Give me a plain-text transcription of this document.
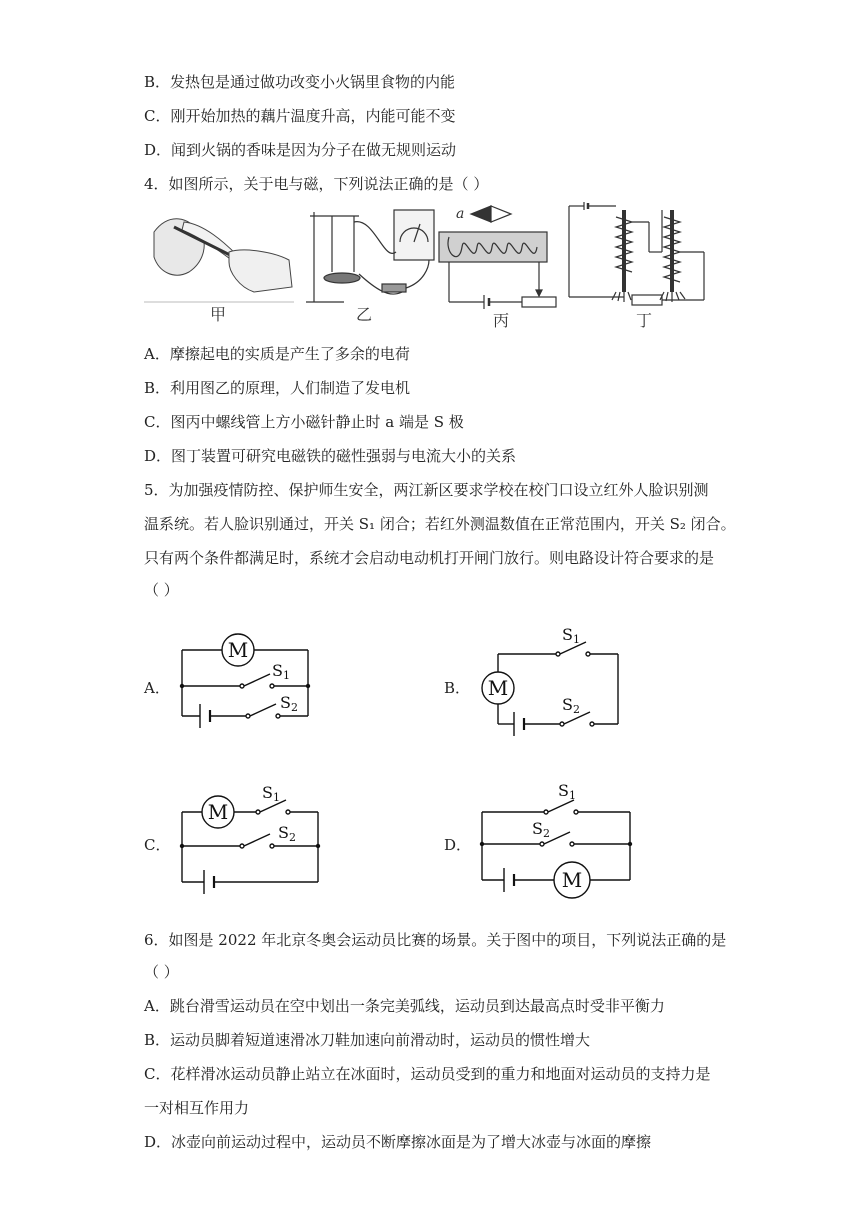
B．发热包是通过做功改变小火锅里食物的内能
C．刚开始加热的藕片温度升高，内能可能不变
D．闻到火锅的香味是因为分子在做无规则运动
4．如图所示，关于电与磁，下列说法正确的是（ ）
甲	乙
a
丙	丁
A．摩擦起电的实质是产生了多余的电荷
B．利用图乙的原理，人们制造了发电机
C．图丙中螺线管上方小磁针静止时 a 端是 S 极
D．图丁装置可研究电磁铁的磁性强弱与电流大小的关系
5．为加强疫情防控、保护师生安全，两江新区要求学校在校门口设立红外人脸识别测
温系统。若人脸识别通过，开关 S₁ 闭合；若红外测温数值在正常范围内，开关 S₂ 闭合。
只有两个条件都满足时，系统才会启动电动机打开闸门放行。则电路设计符合要求的是
（ ）
A．
M
S1
S2
B． M
S1
S2
C．
M
S1
S2	D．
M
S1
S2
6．如图是 2022 年北京冬奥会运动员比赛的场景。关于图中的项目，下列说法正确的是
（ ）
A．跳台滑雪运动员在空中划出一条完美弧线，运动员到达最高点时受非平衡力
B．运动员脚着短道速滑冰刀鞋加速向前滑动时，运动员的惯性增大
C．花样滑冰运动员静止站立在冰面时，运动员受到的重力和地面对运动员的支持力是
一对相互作用力
D．冰壶向前运动过程中，运动员不断摩擦冰面是为了增大冰壶与冰面的摩擦
